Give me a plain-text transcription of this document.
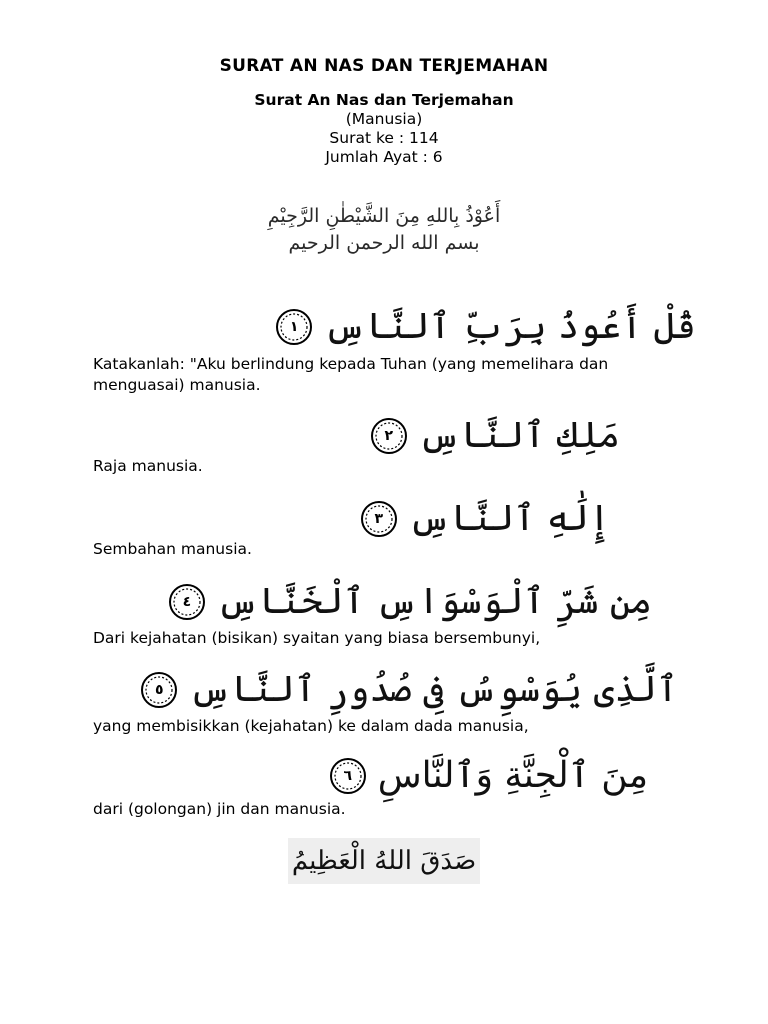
SURAT AN NAS DAN TERJEMAHAN
Surat An Nas dan Terjemahan
(Manusia)
Surat ke : 114
Jumlah Ayat : 6
أَعُوْذُ بِاللهِ مِنَ الشَّيْطٰنِ الرَّجِيْمِ
بسم الله الرحمن الرحيم
قُلْ أَعُوذُ بِرَبِّ ٱلنَّاسِ
١
Katakanlah: "Aku berlindung kepada Tuhan (yang memelihara dan menguasai) manusia.
مَلِكِ ٱلنَّاسِ
٢
Raja manusia.
إِلَٰهِ ٱلنَّاسِ
٣
Sembahan manusia.
مِن شَرِّ ٱلْوَسْوَاسِ ٱلْخَنَّاسِ
٤
Dari kejahatan (bisikan) syaitan yang biasa bersembunyi,
ٱلَّذِى يُوَسْوِسُ فِى صُدُورِ ٱلنَّاسِ
٥
yang membisikkan (kejahatan) ke dalam dada manusia,
مِنَ ٱلْجِنَّةِ وَٱلنَّاسِ
٦
dari (golongan) jin dan manusia.
صَدَقَ اللهُ الْعَظِيمُ
